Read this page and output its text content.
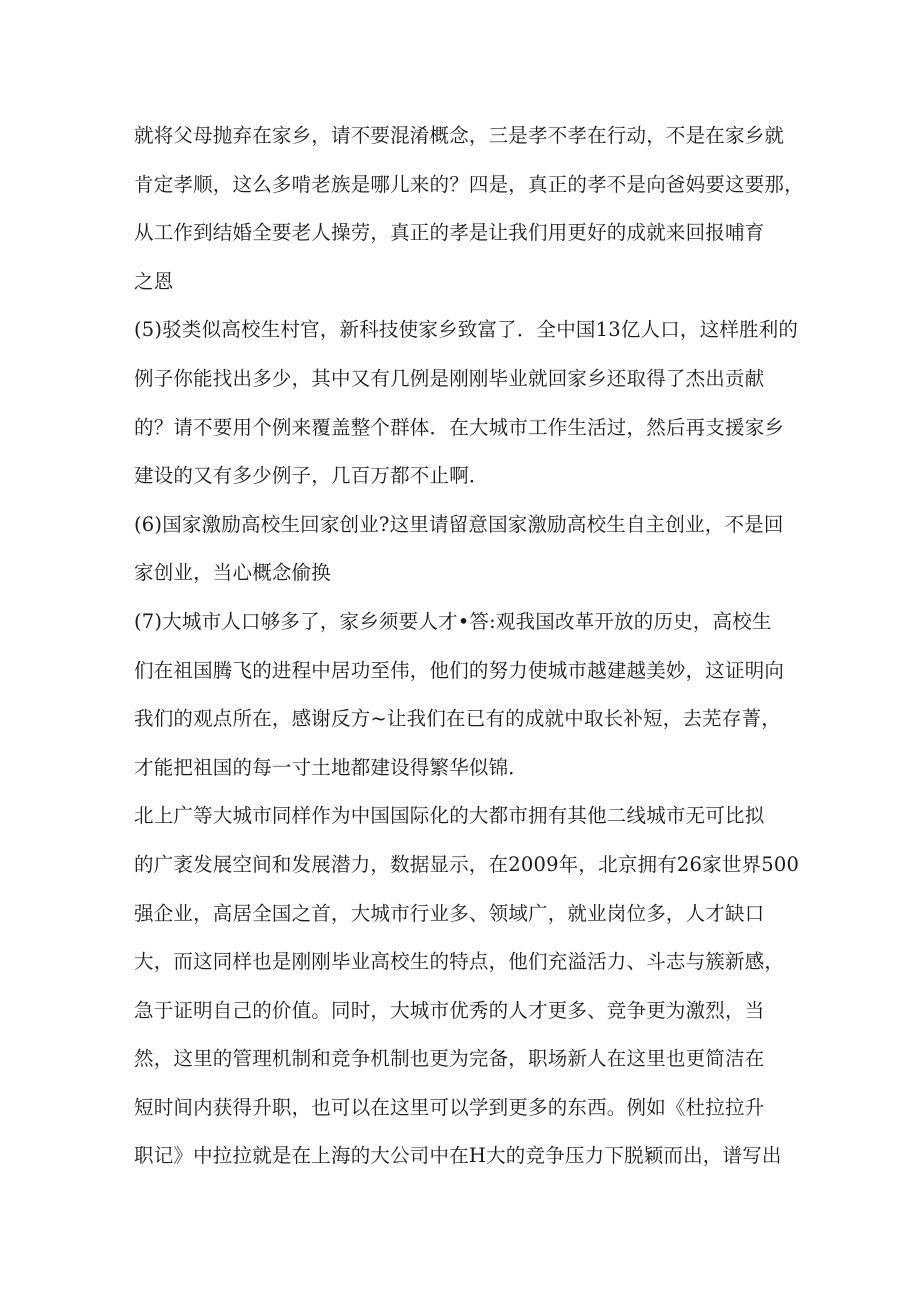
就将父母抛弃在家乡，请不要混淆概念，三是孝不孝在行动，不是在家乡就
肯定孝顺，这么多啃老族是哪儿来的？四是，真正的孝不是向爸妈要这要那，
从工作到结婚全要老人操劳，真正的孝是让我们用更好的成就来回报哺育
之恩
(5)驳类似高校生村官，新科技使家乡致富了．全中国13亿人口，这样胜利的
例子你能找出多少，其中又有几例是刚刚毕业就回家乡还取得了杰出贡献
的？请不要用个例来覆盖整个群体．在大城市工作生活过，然后再支援家乡
建设的又有多少例子，几百万都不止啊．
(6)国家激励高校生回家创业?这里请留意国家激励高校生自主创业，不是回
家创业，当心概念偷换
(7)大城市人口够多了，家乡须要人才•答:观我国改革开放的历史，高校生
们在祖国腾飞的进程中居功至伟，他们的努力使城市越建越美妙，这证明向
我们的观点所在，感谢反方~让我们在已有的成就中取长补短，去芜存菁，
才能把祖国的每一寸土地都建设得繁华似锦．
北上广等大城市同样作为中国国际化的大都市拥有其他二线城市无可比拟
的广袤发展空间和发展潜力，数据显示，在2009年，北京拥有26家世界500
强企业，高居全国之首，大城市行业多、领域广，就业岗位多，人才缺口
大，而这同样也是刚刚毕业高校生的特点，他们充溢活力、斗志与簇新感，
急于证明自己的价值。同时，大城市优秀的人才更多、竞争更为激烈，当
然，这里的管理机制和竞争机制也更为完备，职场新人在这里也更简洁在
短时间内获得升职，也可以在这里可以学到更多的东西。例如《杜拉拉升
职记》中拉拉就是在上海的大公司中在H大的竞争压力下脱颖而出，谱写出
